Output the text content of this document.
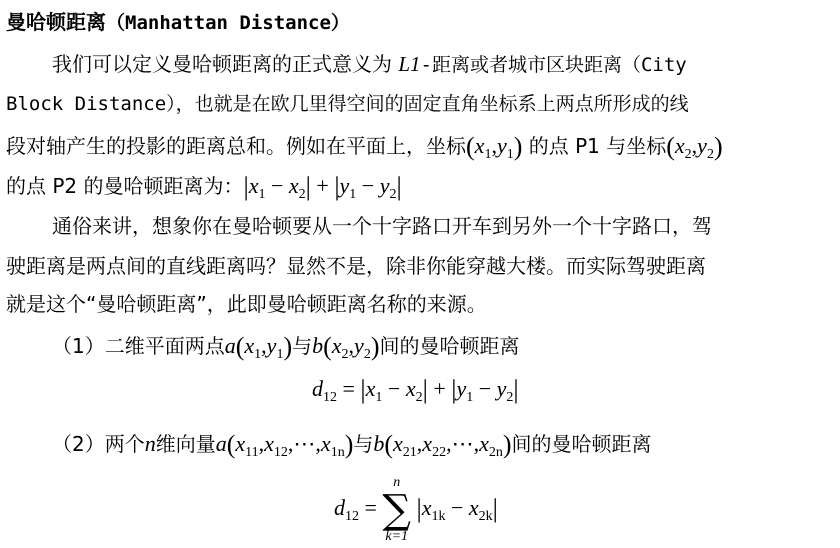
曼哈顿距离（Manhattan Distance）
我们可以定义曼哈顿距离的正式意义为 L1-距离或者城市区块距离（City
Block Distance），也就是在欧几里得空间的固定直角坐标系上两点所形成的线
段对轴产生的投影的距离总和。例如在平面上，坐标$(x_1,y_1)$ 的点 P1 与坐标$(x_2,y_2)$
的点 P2 的曼哈顿距离为：$|x_1 - x_2| + |y_1 - y_2|$
通俗来讲，想象你在曼哈顿要从一个十字路口开车到另外一个十字路口，驾
驶距离是两点间的直线距离吗？显然不是，除非你能穿越大楼。而实际驾驶距离
就是这个“曼哈顿距离”，此即曼哈顿距离名称的来源。
（1）二维平面两点$a(x_1,y_1)$与$b(x_2,y_2)$间的曼哈顿距离
$d_{12} = |x_1 - x_2| + |y_1 - y_2|$
（2）两个n维向量$a(x_{11},x_{12},\cdots,x_{1n})$与$b(x_{21},x_{22},\cdots,x_{2n})$间的曼哈顿距离
$d_{12}$ =
n
∑
k=1
$|x_{1k} - x_{2k}|$
